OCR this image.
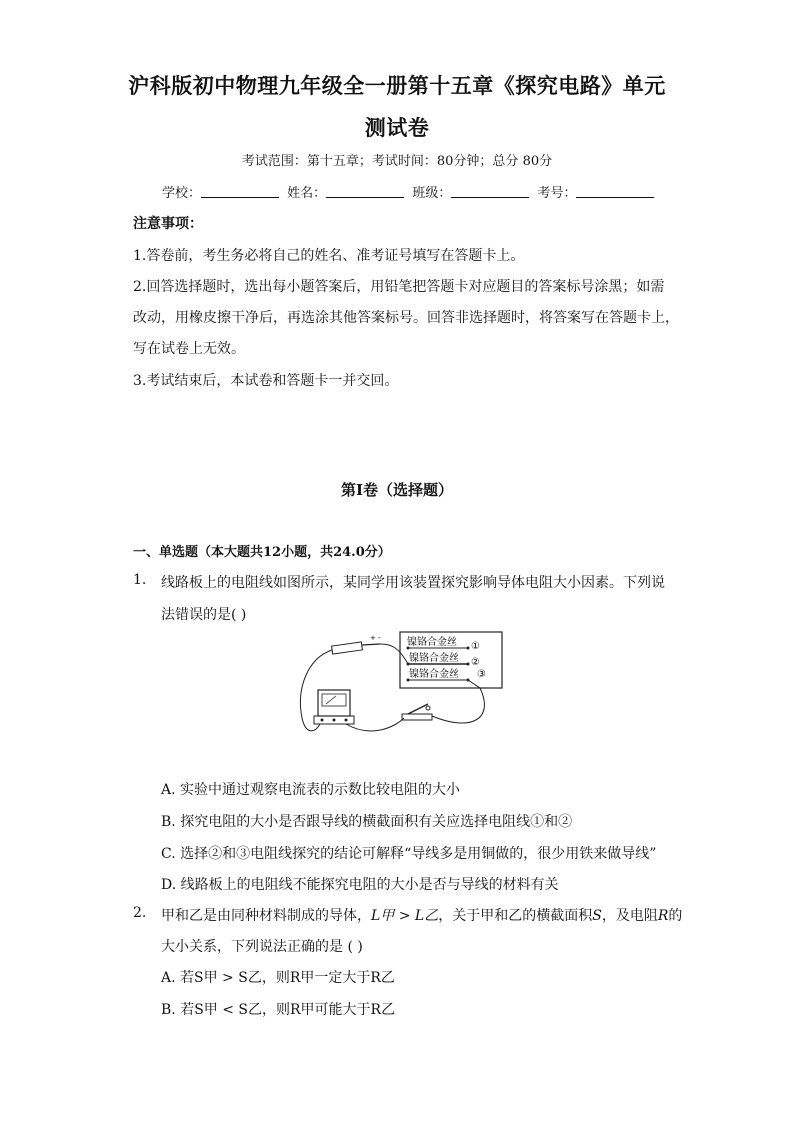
沪科版初中物理九年级全一册第十五章《探究电路》单元
测试卷
考试范围：第十五章；考试时间：80分钟；总分 80分
学校：	姓名：	班级：	考号：
注意事项：
1.答卷前，考生务必将自己的姓名、准考证号填写在答题卡上。
2.回答选择题时，选出每小题答案后，用铅笔把答题卡对应题目的答案标号涂黑；如需
改动，用橡皮擦干净后，再选涂其他答案标号。回答非选择题时，将答案写在答题卡上，
写在试卷上无效。
3.考试结束后，本试卷和答题卡一并交回。
第I卷（选择题）
一、单选题（本大题共12小题，共24.0分）
1. 线路板上的电阻线如图所示，某同学用该装置探究影响导体电阻大小因素。下列说
法错误的是( )
镍铬合金丝
镍铬合金丝
镍铬合金丝
①
②
③
+ -
A. 实验中通过观察电流表的示数比较电阻的大小
B. 探究电阻的大小是否跟导线的横截面积有关应选择电阻线①和②
C. 选择②和③电阻线探究的结论可解释“导线多是用铜做的，很少用铁来做导线”
D. 线路板上的电阻线不能探究电阻的大小是否与导线的材料有关
2. 甲和乙是由同种材料制成的导体，L甲 > L乙，关于甲和乙的横截面积S，及电阻R的
大小关系，下列说法正确的是 ( )
A. 若S甲 > S乙，则R甲一定大于R乙
B. 若S甲 < S乙，则R甲可能大于R乙
